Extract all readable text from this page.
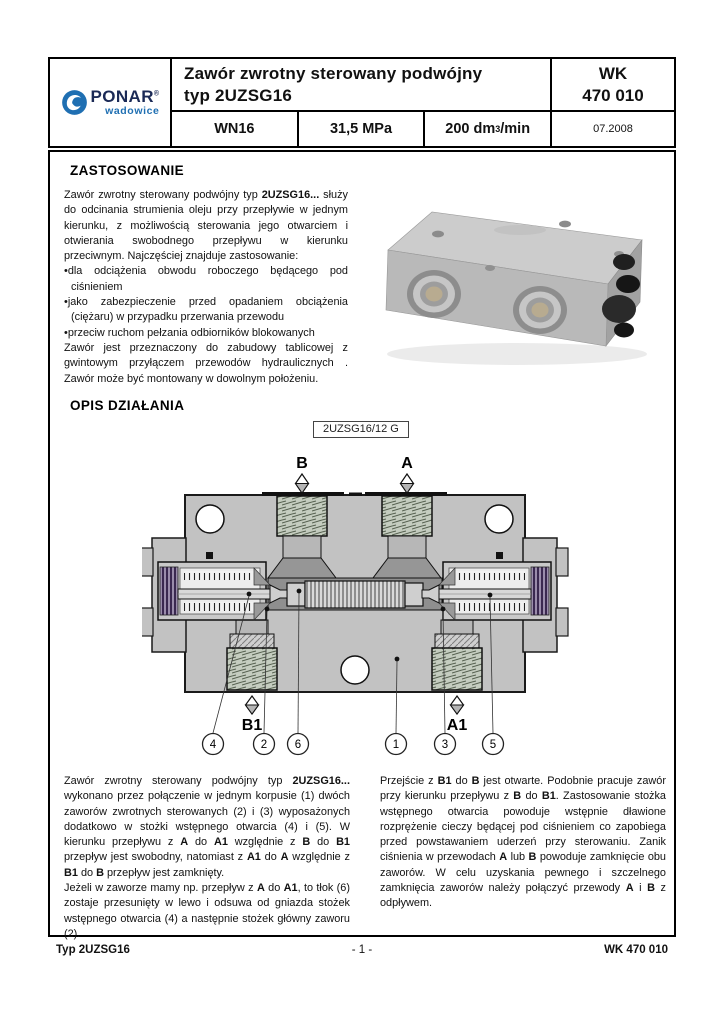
PONAR®
wadowice
Zawór zwrotny sterowany podwójny
typ 2UZSG16
WN16	31,5 MPa	200 dm 3 /min
WK
470 010
07.2008
ZASTOSOWANIE

Zawór zwrotny sterowany podwójny typ 2UZSG16... służy do odcinania strumienia oleju przy przepływie w jednym kierunku, z możliwością sterowania jego otwarciem i otwierania swobodnego przepływu w kierunku przeciwnym. Najczęściej znajduje zastosowanie:

•dla odciążenia obwodu roboczego będącego pod ciśnieniem
•jako zabezpieczenie przed opadaniem obciążenia (ciężaru) w przypadku przerwania przewodu
•przeciw ruchom pełzania odbiorników blokowanych

Zawór jest przeznaczony do zabudowy tablicowej z gwintowym przyłączem przewodów hydraulicznych . Zawór może być montowany w dowolnym położeniu.

OPIS DZIAŁANIA
2UZSG16/12 G
B	A
B1	A1
4	2 6	1	3	5

Zawór zwrotny sterowany podwójny typ 2UZSG16... wykonano przez połączenie w jednym korpusie (1) dwóch zaworów zwrotnych sterowanych (2) i (3) wyposażonych dodatkowo w stożki wstępnego otwarcia (4) i (5). W kierunku przepływu z A do A1 względnie z B do B1 przepływ jest swobodny, natomiast z A1 do A względnie z B1 do B przepływ jest zamknięty.

Jeżeli w zaworze mamy np. przepływ z A do A1, to tłok (6) zostaje przesunięty w lewo i odsuwa od gniazda stożek wstępnego otwarcia (4) a następnie stożek główny zaworu (2).

Przejście z B1 do B jest otwarte. Podobnie pracuje zawór przy kierunku przepływu z B do B1. Zastosowanie stożka wstępnego otwarcia powoduje wstępnie dławione rozprężenie cieczy będącej pod ciśnieniem co zapobiega przed powstawaniem uderzeń przy sterowaniu. Zanik ciśnienia w przewodach A lub B powoduje zamknięcie obu zaworów. W celu uzyskania pewnego i szczelnego zamknięcia zaworów należy połączyć przewody A i B z odpływem.

- 1 -
Typ 2UZSG16	WK 470 010
